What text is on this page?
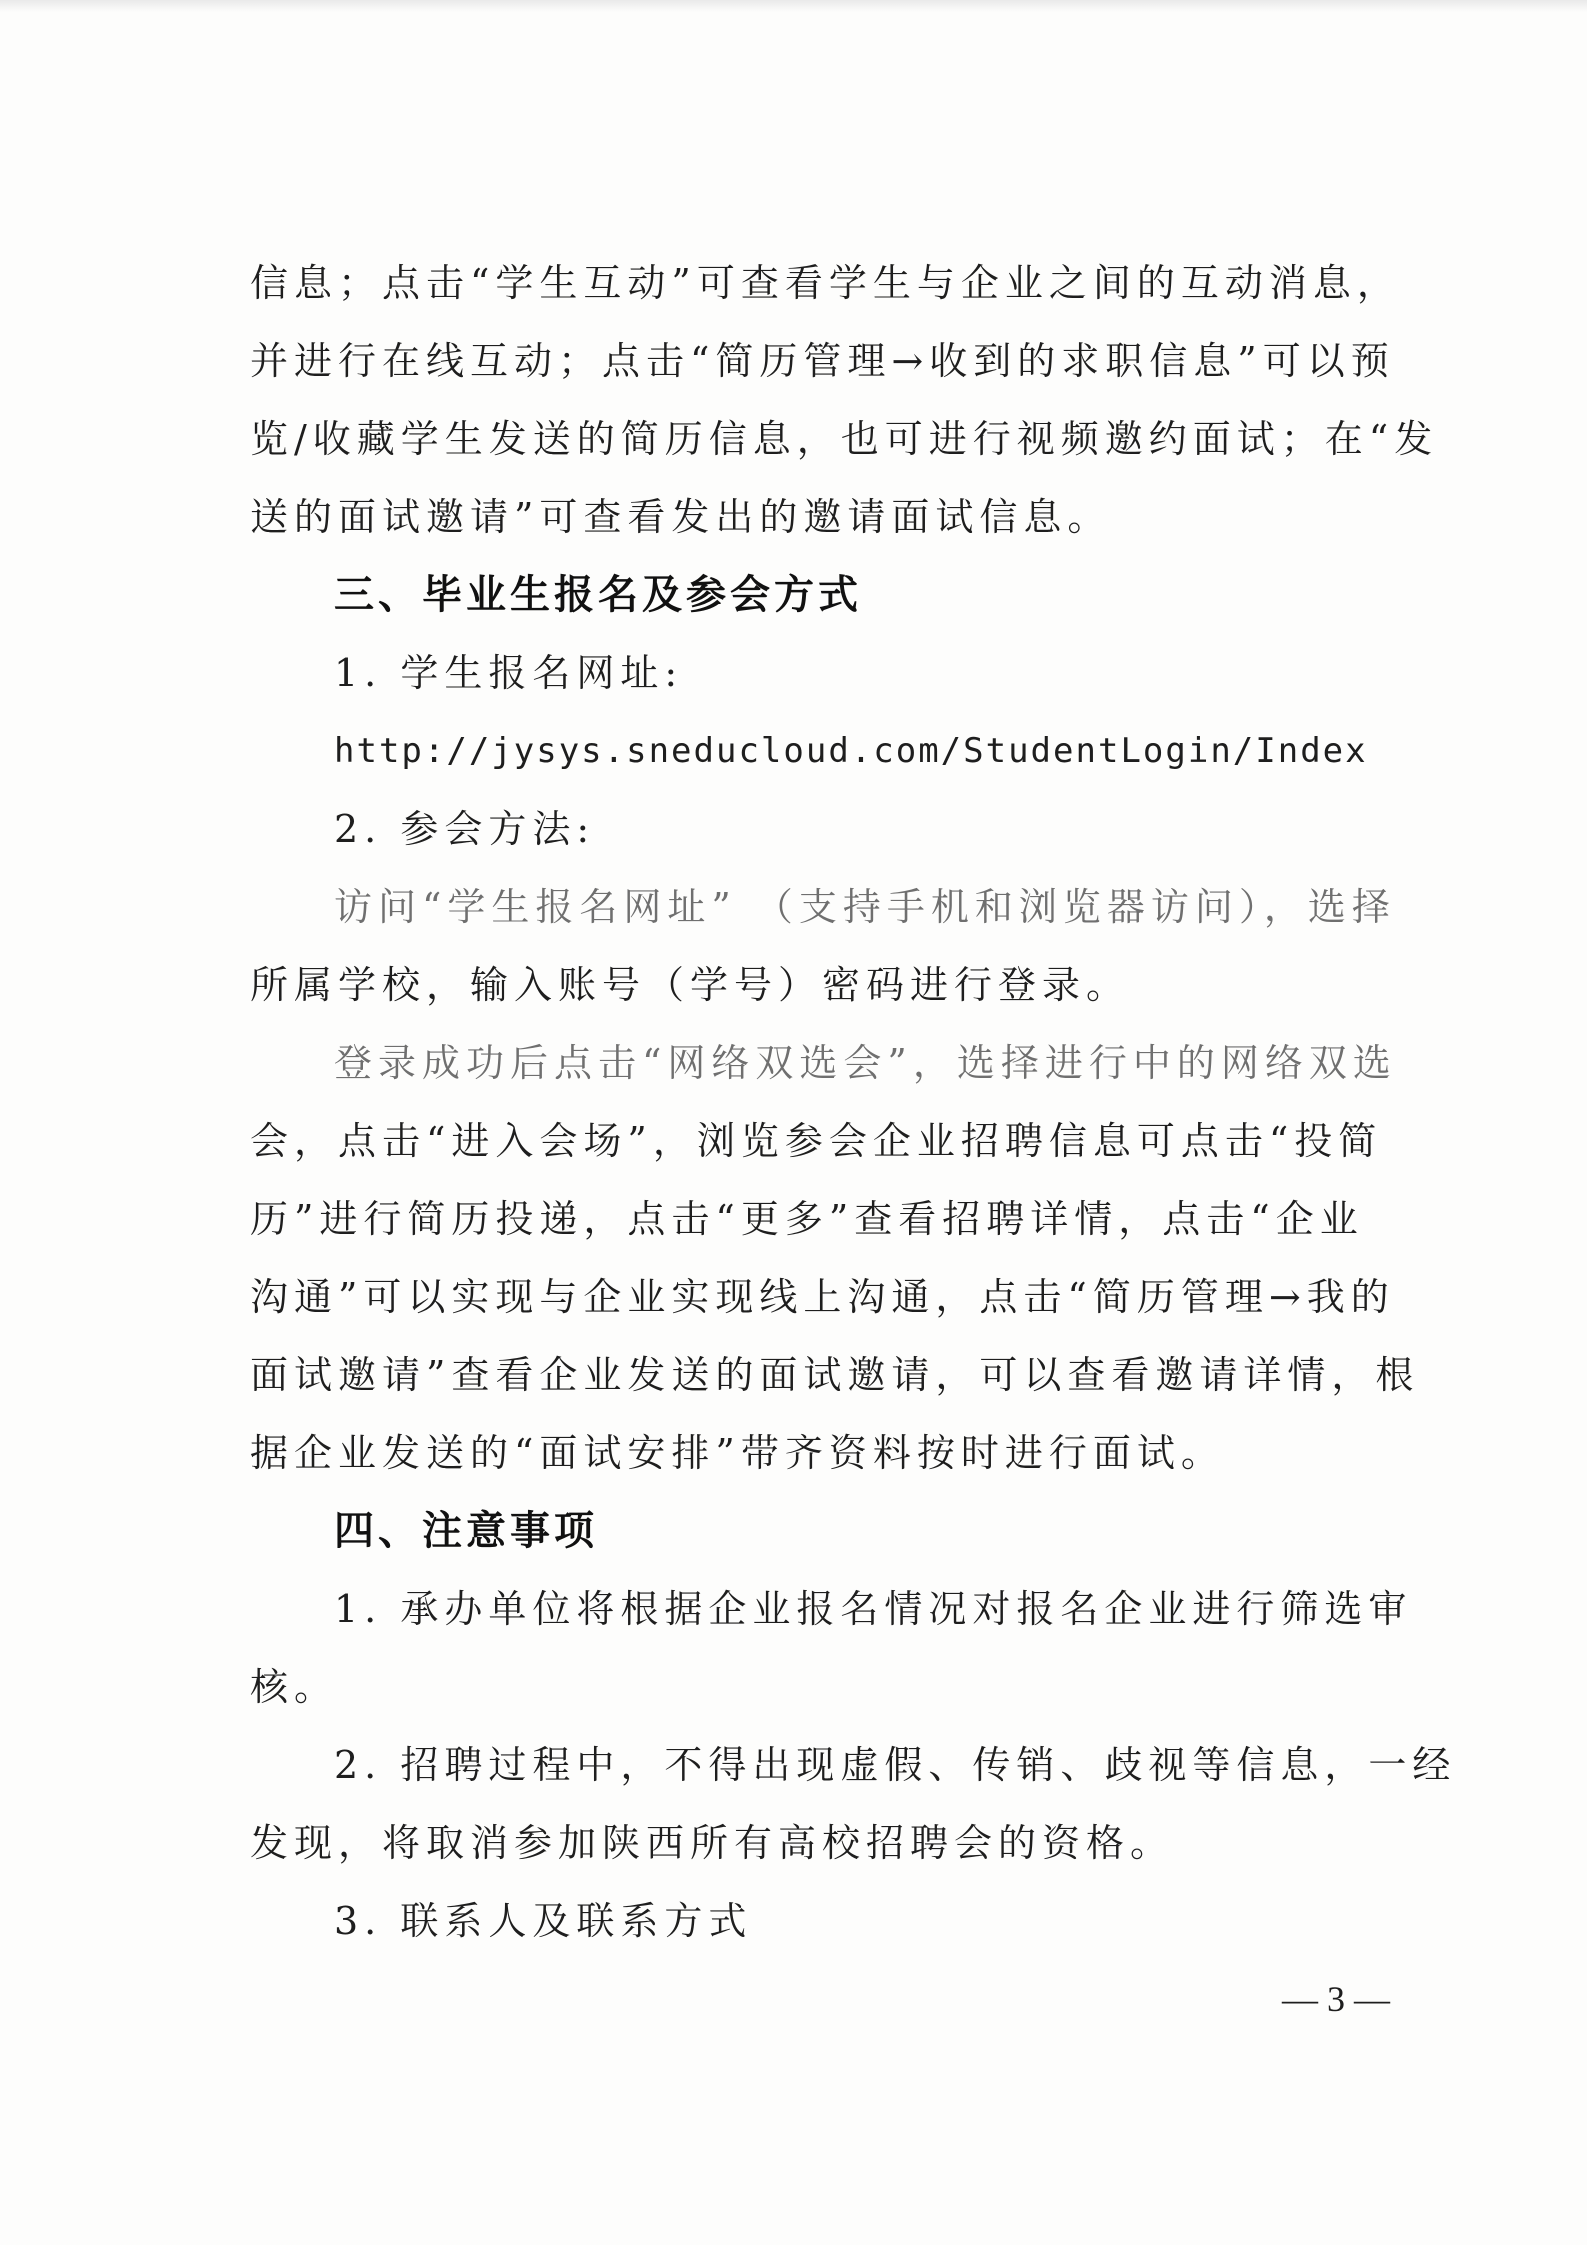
信息；点击“学生互动”可查看学生与企业之间的互动消息，
并进行在线互动；点击“简历管理→收到的求职信息”可以预
览/收藏学生发送的简历信息，也可进行视频邀约面试；在“发
送的面试邀请”可查看发出的邀请面试信息。
三、毕业生报名及参会方式
1. 学生报名网址:
http://jysys.sneducloud.com/StudentLogin/Index
2. 参会方法:
访问“学生报名网址” （支持手机和浏览器访问），选择
所属学校，输入账号（学号）密码进行登录。
登录成功后点击“网络双选会”，选择进行中的网络双选
会，点击“进入会场”，浏览参会企业招聘信息可点击“投简
历”进行简历投递，点击“更多”查看招聘详情，点击“企业
沟通”可以实现与企业实现线上沟通，点击“简历管理→我的
面试邀请”查看企业发送的面试邀请，可以查看邀请详情，根
据企业发送的“面试安排”带齐资料按时进行面试。
四、注意事项
1. 承办单位将根据企业报名情况对报名企业进行筛选审
核。
2. 招聘过程中，不得出现虚假、传销、歧视等信息，一经
发现，将取消参加陕西所有高校招聘会的资格。
3. 联系人及联系方式
— 3 —
